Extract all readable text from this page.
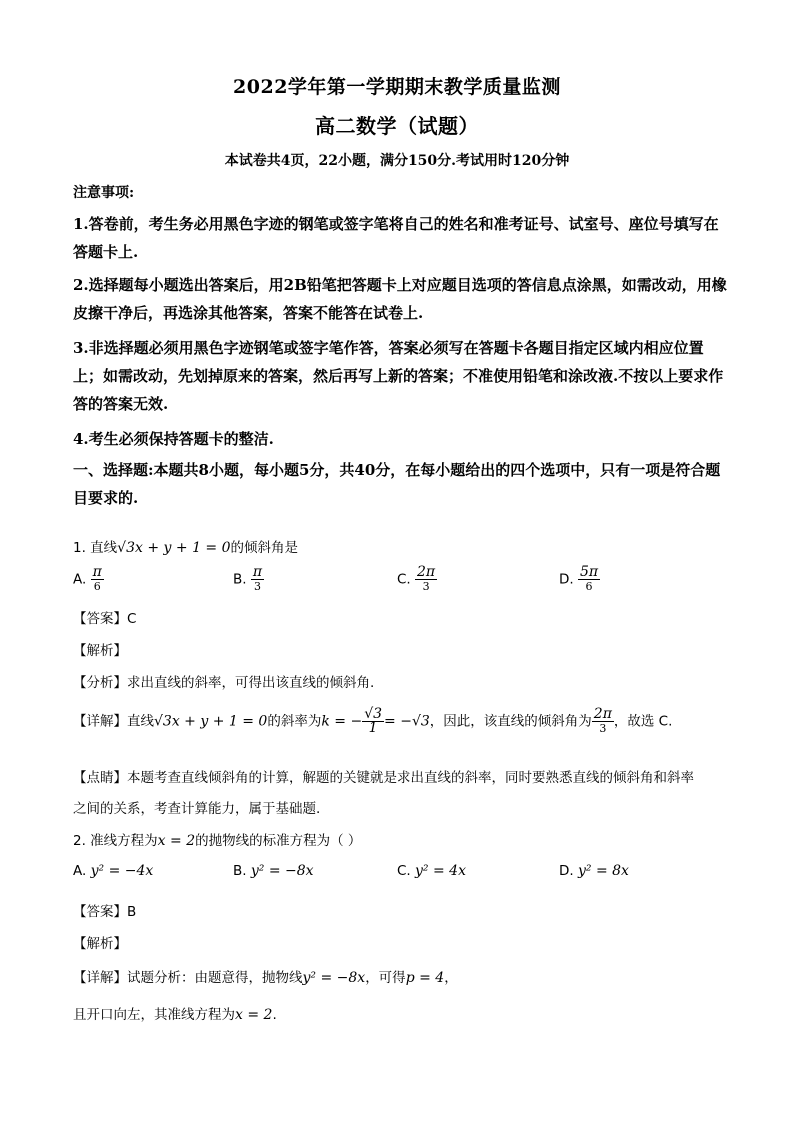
2022学年第一学期期末教学质量监测
高二数学（试题）
本试卷共4页，22小题，满分150分.考试用时120分钟
注意事项:
1.答卷前，考生务必用黑色字迹的钢笔或签字笔将自己的姓名和准考证号、试室号、座位号填写在答题卡上.
2.选择题每小题选出答案后，用2B铅笔把答题卡上对应题目选项的答信息点涂黑，如需改动，用橡皮擦干净后，再选涂其他答案，答案不能答在试卷上.
3.非选择题必须用黑色字迹钢笔或签字笔作答，答案必须写在答题卡各题目指定区域内相应位置上；如需改动，先划掉原来的答案，然后再写上新的答案；不准使用铅笔和涂改液.不按以上要求作答的答案无效.
4.考生必须保持答题卡的整洁.
一、选择题:本题共8小题，每小题5分，共40分，在每小题给出的四个选项中，只有一项是符合题目要求的.
1. 直线√3x + y + 1 = 0的倾斜角是
A. $\frac{\pi}{6}$	B. $\frac{\pi}{3}$	C. $\frac{2\pi}{3}$	D. $\frac{5\pi}{6}$
【答案】C
【解析】
【分析】求出直线的斜率，可得出该直线的倾斜角.
【详解】直线√3x + y + 1 = 0的斜率为k = − $\frac{√3}{1} = -√3$，因此，该直线的倾斜角为 $\frac{2\pi}{3}$ ，故选 C.
【点睛】本题考查直线倾斜角的计算，解题的关键就是求出直线的斜率，同时要熟悉直线的倾斜角和斜率
之间的关系，考查计算能力，属于基础题.
2. 准线方程为x = 2的抛物线的标准方程为（ ）
A. y² = −4x	B. y² = −8x	C. y² = 4x	D. y² = 8x
【答案】B
【解析】
【详解】试题分析：由题意得，抛物线y² = −8x，可得p = 4，
且开口向左，其准线方程为x = 2.
